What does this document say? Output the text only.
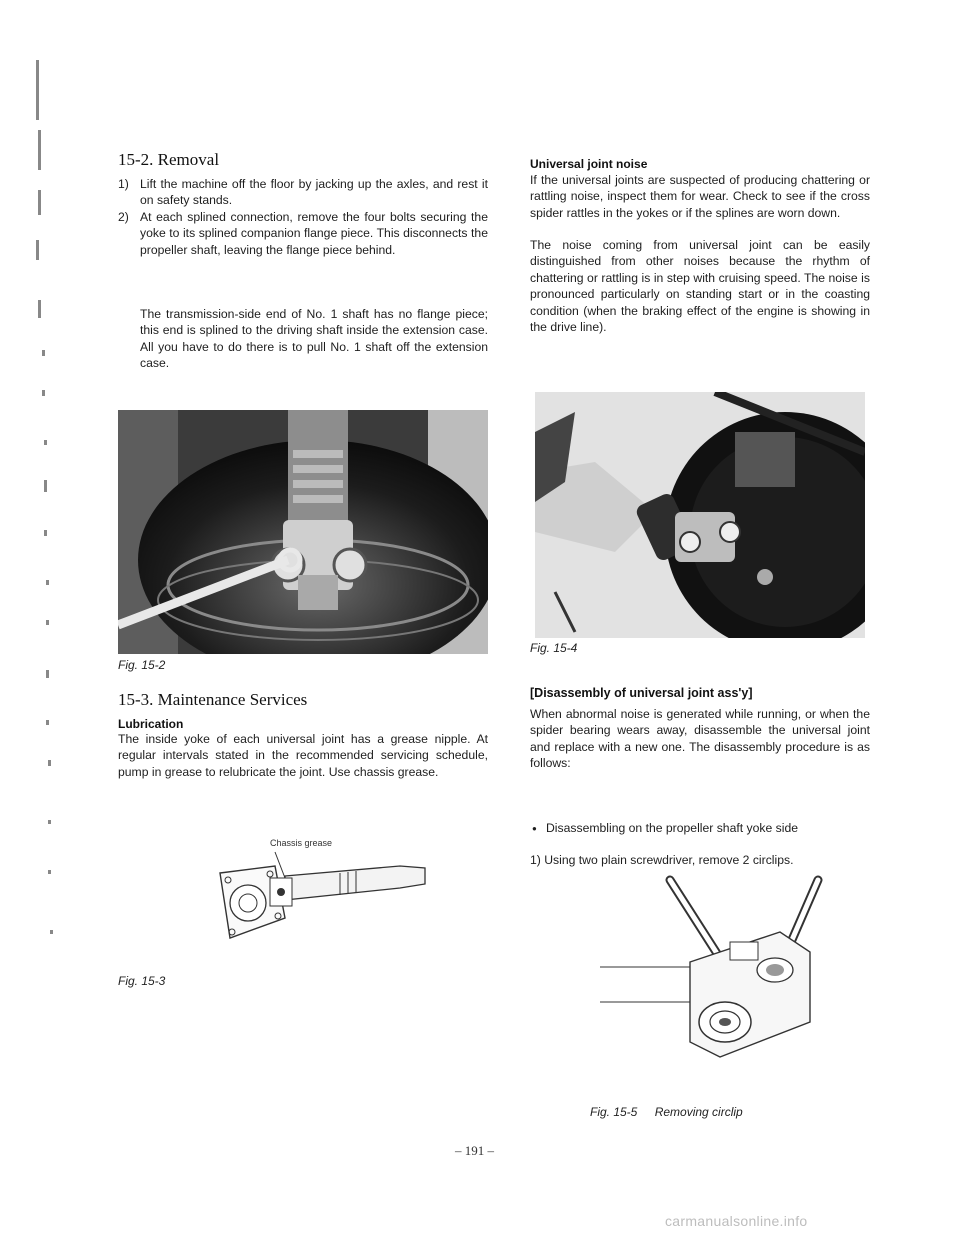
15-2. Removal
1) Lift the machine off the floor by jacking up the axles, and rest it on safety stands.
2) At each splined connection, remove the four bolts securing the yoke to its splined companion flange piece. This disconnects the propeller shaft, leaving the flange piece behind.

The transmission-side end of No. 1 shaft has no flange piece; this end is splined to the driving shaft inside the extension case. All you have to do there is to pull No. 1 shaft off the extension case.

Fig. 15-2
15-3. Maintenance Services
Lubrication

The inside yoke of each universal joint has a grease nipple. At regular intervals stated in the recommended servicing schedule, pump in grease to relubricate the joint. Use chassis grease.

Chassis grease
Fig. 15-3
Universal joint noise

If the universal joints are suspected of producing chattering or rattling noise, inspect them for wear. Check to see if the cross spider rattles in the yokes or if the splines are worn down.

The noise coming from universal joint can be easily distinguished from other noises because the rhythm of chattering or rattling is in step with cruising speed. The noise is pronounced particularly on standing start or in the coasting condition (when the braking effect of the engine is showing in the drive line).

Fig. 15-4
[Disassembly of universal joint ass'y]

When abnormal noise is generated while running, or when the spider bearing wears away, disassemble the universal joint and replace with a new one. The disassembly procedure is as follows:

● Disassembling on the propeller shaft yoke side
1) Using two plain screwdriver, remove 2 circlips.
Fig. 15-5 Removing circlip
– 191 –
carmanualsonline.info
